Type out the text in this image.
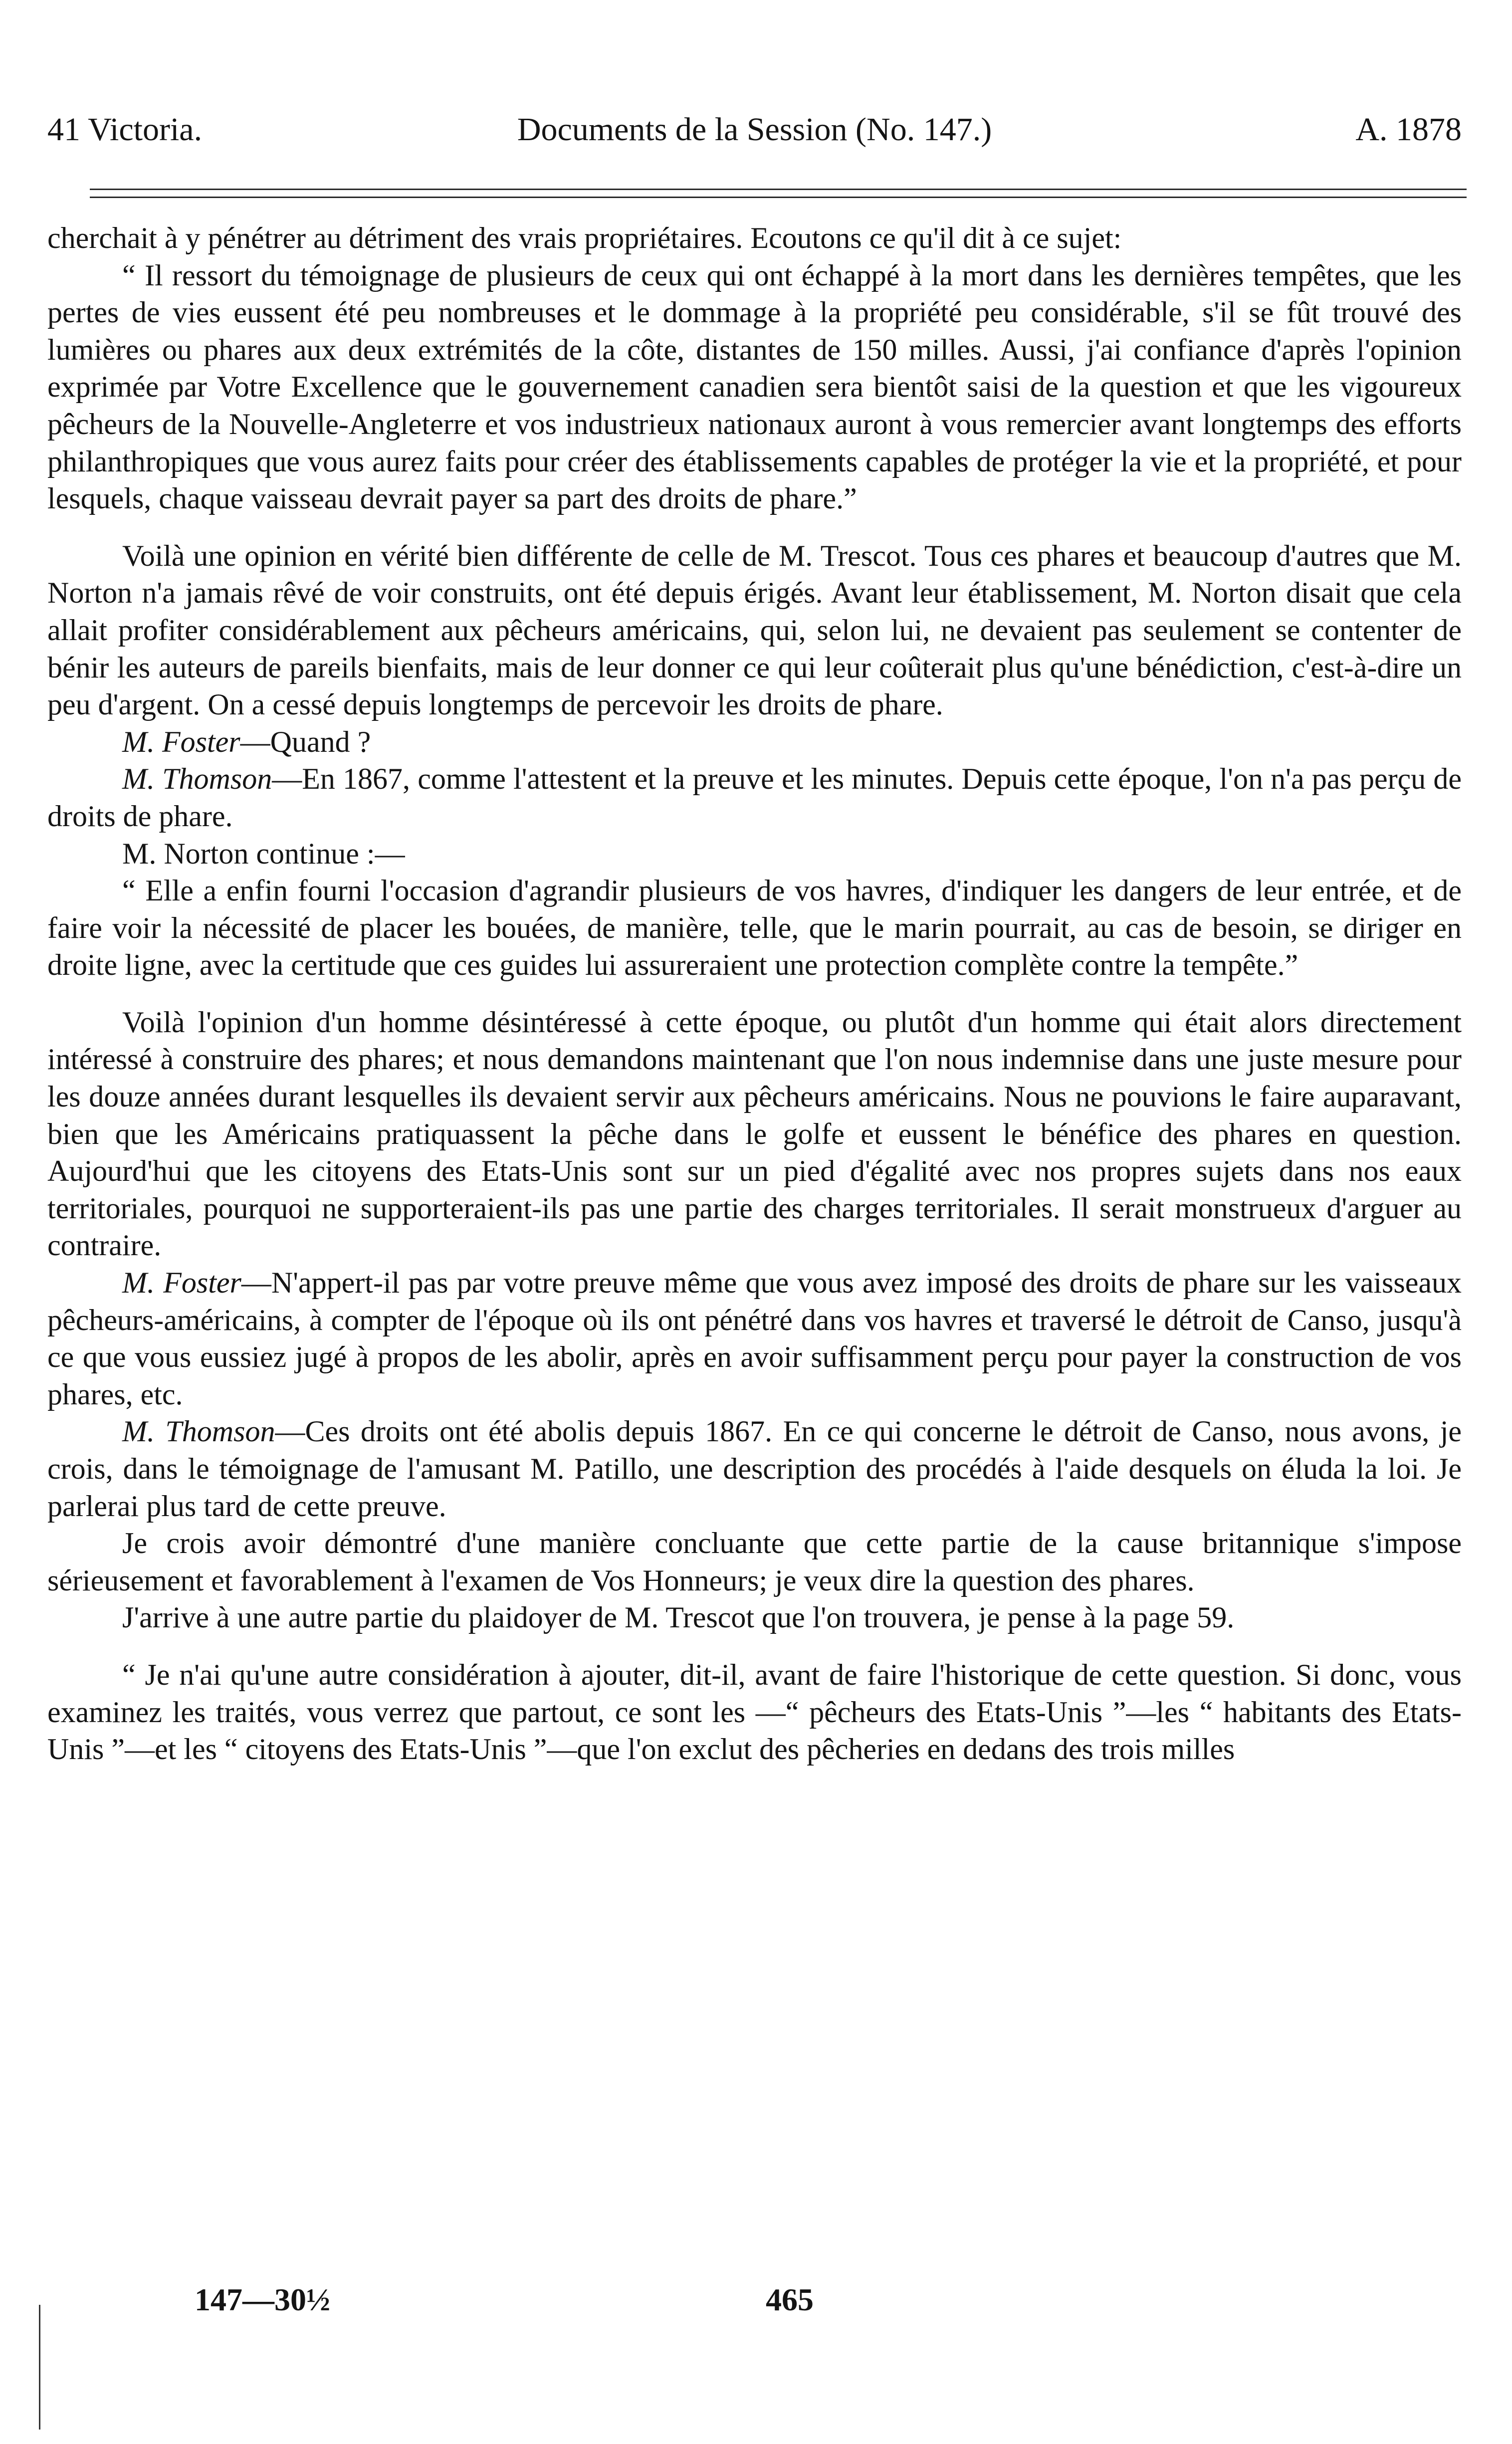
41 Victoria.	Documents de la Session (No. 147.)	A. 1878

cherchait à y pénétrer au détriment des vrais propriétaires. Ecoutons ce qu'il dit à ce sujet:

“ Il ressort du témoignage de plusieurs de ceux qui ont échappé à la mort dans les dernières tempêtes, que les pertes de vies eussent été peu nombreuses et le dommage à la propriété peu considérable, s'il se fût trouvé des lumières ou phares aux deux extrémités de la côte, distantes de 150 milles. Aussi, j'ai confiance d'après l'opinion exprimée par Votre Excellence que le gouvernement canadien sera bientôt saisi de la question et que les vigoureux pêcheurs de la Nouvelle-Angleterre et vos industrieux nationaux auront à vous remercier avant longtemps des efforts philanthropiques que vous aurez faits pour créer des établissements capables de protéger la vie et la propriété, et pour lesquels, chaque vaisseau devrait payer sa part des droits de phare.”

Voilà une opinion en vérité bien différente de celle de M. Trescot. Tous ces phares et beaucoup d'autres que M. Norton n'a jamais rêvé de voir construits, ont été depuis érigés. Avant leur établissement, M. Norton disait que cela allait profiter considérablement aux pêcheurs américains, qui, selon lui, ne devaient pas seulement se contenter de bénir les auteurs de pareils bienfaits, mais de leur donner ce qui leur coûterait plus qu'une bénédiction, c'est-à-dire un peu d'argent. On a cessé depuis longtemps de percevoir les droits de phare.

M. Foster—Quand ?

M. Thomson—En 1867, comme l'attestent et la preuve et les minutes. Depuis cette époque, l'on n'a pas perçu de droits de phare.

M. Norton continue :—

“ Elle a enfin fourni l'occasion d'agrandir plusieurs de vos havres, d'indiquer les dangers de leur entrée, et de faire voir la nécessité de placer les bouées, de manière, telle, que le marin pourrait, au cas de besoin, se diriger en droite ligne, avec la certitude que ces guides lui assureraient une protection complète contre la tempête.”

Voilà l'opinion d'un homme désintéressé à cette époque, ou plutôt d'un homme qui était alors directement intéressé à construire des phares; et nous demandons maintenant que l'on nous indemnise dans une juste mesure pour les douze années durant lesquelles ils devaient servir aux pêcheurs américains. Nous ne pouvions le faire auparavant, bien que les Américains pratiquassent la pêche dans le golfe et eussent le bénéfice des phares en question. Aujourd'hui que les citoyens des Etats-Unis sont sur un pied d'égalité avec nos propres sujets dans nos eaux territoriales, pourquoi ne supporteraient-ils pas une partie des charges territoriales. Il serait monstrueux d'arguer au contraire.

M. Foster—N'appert-il pas par votre preuve même que vous avez imposé des droits de phare sur les vaisseaux pêcheurs-américains, à compter de l'époque où ils ont pénétré dans vos havres et traversé le détroit de Canso, jusqu'à ce que vous eussiez jugé à propos de les abolir, après en avoir suffisamment perçu pour payer la construction de vos phares, etc.

M. Thomson—Ces droits ont été abolis depuis 1867. En ce qui concerne le détroit de Canso, nous avons, je crois, dans le témoignage de l'amusant M. Patillo, une description des procédés à l'aide desquels on éluda la loi. Je parlerai plus tard de cette preuve.

Je crois avoir démontré d'une manière concluante que cette partie de la cause britannique s'impose sérieusement et favorablement à l'examen de Vos Honneurs; je veux dire la question des phares.

J'arrive à une autre partie du plaidoyer de M. Trescot que l'on trouvera, je pense à la page 59.

“ Je n'ai qu'une autre considération à ajouter, dit-il, avant de faire l'historique de cette question. Si donc, vous examinez les traités, vous verrez que partout, ce sont les —“ pêcheurs des Etats-Unis ”—les “ habitants des Etats-Unis ”—et les “ citoyens des Etats-Unis ”—que l'on exclut des pêcheries en dedans des trois milles

147—30½	465
